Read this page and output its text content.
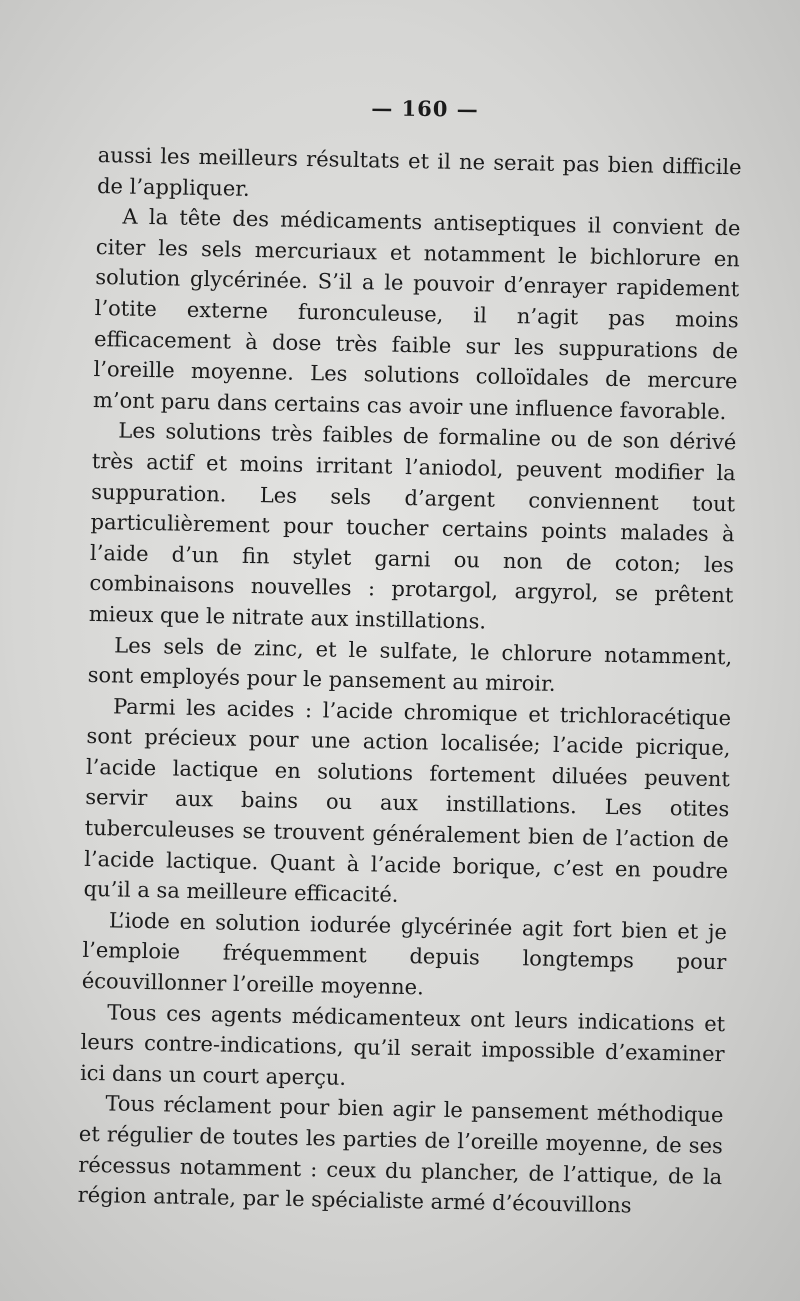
— 160 —

aussi les meilleurs résultats et il ne serait pas bien difficile de l’appliquer.

A la tête des médicaments antiseptiques il convient de citer les sels mercuriaux et notamment le bichlorure en solution glycérinée. S’il a le pouvoir d’enrayer rapidement l’otite externe furonculeuse, il n’agit pas moins efficacement à dose très faible sur les suppurations de l’oreille moyenne. Les solutions colloïdales de mercure m’ont paru dans certains cas avoir une influence favorable.

Les solutions très faibles de formaline ou de son dérivé très actif et moins irritant l’aniodol, peuvent modifier la suppuration. Les sels d’argent conviennent tout particulièrement pour toucher certains points malades à l’aide d’un fin stylet garni ou non de coton; les combinaisons nouvelles : protargol, argyrol, se prêtent mieux que le nitrate aux instillations.

Les sels de zinc, et le sulfate, le chlorure notamment, sont employés pour le pansement au miroir.

Parmi les acides : l’acide chromique et trichloracétique sont précieux pour une action localisée; l’acide picrique, l’acide lactique en solutions fortement diluées peuvent servir aux bains ou aux instillations. Les otites tuberculeuses se trouvent généralement bien de l’action de l’acide lactique. Quant à l’acide borique, c’est en poudre qu’il a sa meilleure efficacité.

L’iode en solution iodurée glycérinée agit fort bien et je l’emploie fréquemment depuis longtemps pour écouvillonner l’oreille moyenne.

Tous ces agents médicamenteux ont leurs indications et leurs contre-indications, qu’il serait impossible d’examiner ici dans un court aperçu.

Tous réclament pour bien agir le pansement méthodique et régulier de toutes les parties de l’oreille moyenne, de ses récessus notamment : ceux du plancher, de l’attique, de la région antrale, par le spécialiste armé d’écouvillons
